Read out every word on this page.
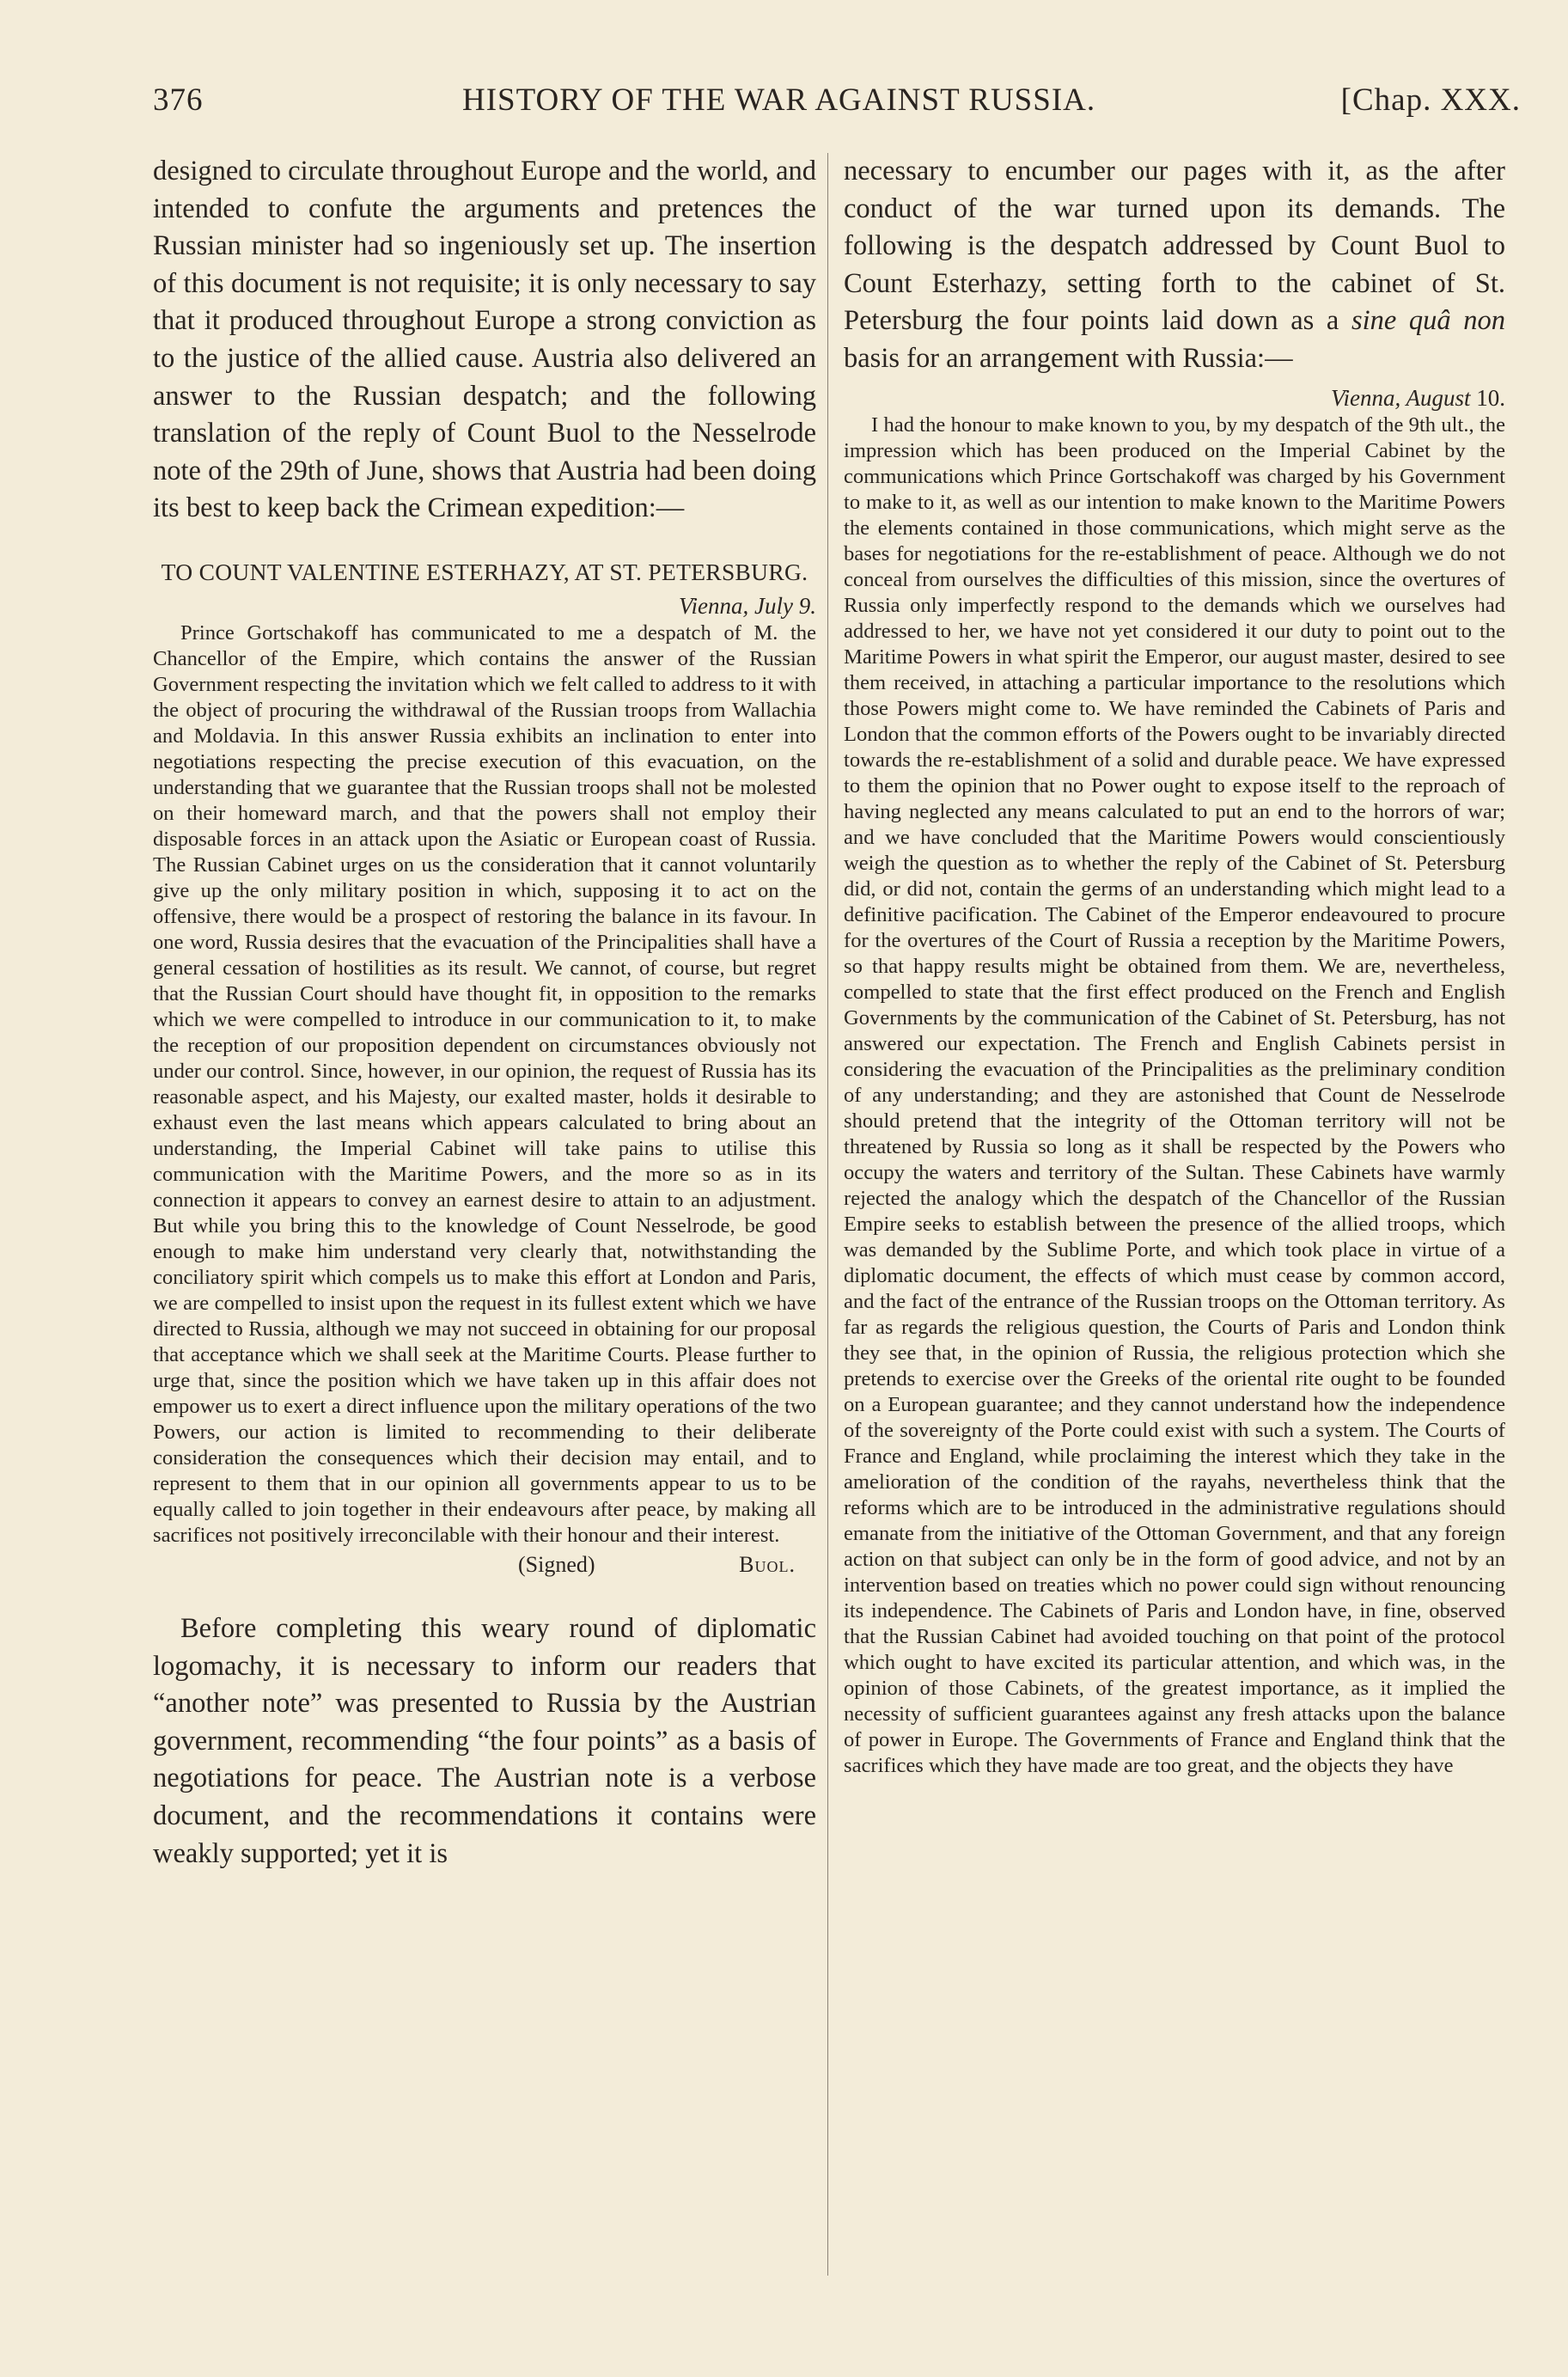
376	HISTORY OF THE WAR AGAINST RUSSIA.	[Chap. XXX.

designed to circulate throughout Europe and the world, and intended to confute the arguments and pretences the Russian minister had so ingeniously set up. The insertion of this document is not requisite; it is only necessary to say that it produced throughout Europe a strong conviction as to the justice of the allied cause. Austria also delivered an answer to the Russian despatch; and the following translation of the reply of Count Buol to the Nesselrode note of the 29th of June, shows that Austria had been doing its best to keep back the Crimean expedition:—

TO COUNT VALENTINE ESTERHAZY, AT ST. PETERSBURG.
Vienna, July 9.

Prince Gortschakoff has communicated to me a despatch of M. the Chancellor of the Empire, which contains the answer of the Russian Government respecting the invitation which we felt called to address to it with the object of procuring the withdrawal of the Russian troops from Wallachia and Moldavia. In this answer Russia exhibits an inclination to enter into negotiations respecting the precise execution of this evacuation, on the understanding that we guarantee that the Russian troops shall not be molested on their homeward march, and that the powers shall not employ their disposable forces in an attack upon the Asiatic or European coast of Russia. The Russian Cabinet urges on us the consideration that it cannot voluntarily give up the only military position in which, supposing it to act on the offensive, there would be a prospect of restoring the balance in its favour. In one word, Russia desires that the evacuation of the Principalities shall have a general cessation of hostilities as its result. We cannot, of course, but regret that the Russian Court should have thought fit, in opposition to the remarks which we were compelled to introduce in our communication to it, to make the reception of our proposition dependent on circumstances obviously not under our control. Since, however, in our opinion, the request of Russia has its reasonable aspect, and his Majesty, our exalted master, holds it desirable to exhaust even the last means which appears calculated to bring about an understanding, the Imperial Cabinet will take pains to utilise this communication with the Maritime Powers, and the more so as in its connection it appears to convey an earnest desire to attain to an adjustment. But while you bring this to the knowledge of Count Nesselrode, be good enough to make him understand very clearly that, notwithstanding the conciliatory spirit which compels us to make this effort at London and Paris, we are compelled to insist upon the request in its fullest extent which we have directed to Russia, although we may not succeed in obtaining for our proposal that acceptance which we shall seek at the Maritime Courts. Please further to urge that, since the position which we have taken up in this affair does not empower us to exert a direct influence upon the military operations of the two Powers, our action is limited to recommending to their deliberate consideration the consequences which their decision may entail, and to represent to them that in our opinion all governments appear to us to be equally called to join together in their endeavours after peace, by making all sacrifices not positively irreconcilable with their honour and their interest.

(Signed)	Buol.

Before completing this weary round of diplomatic logomachy, it is necessary to inform our readers that “another note” was presented to Russia by the Austrian government, recommending “the four points” as a basis of negotiations for peace. The Austrian note is a verbose document, and the recommendations it contains were weakly supported; yet it is

necessary to encumber our pages with it, as the after conduct of the war turned upon its demands. The following is the despatch addressed by Count Buol to Count Esterhazy, setting forth to the cabinet of St. Petersburg the four points laid down as a sine quâ non basis for an arrangement with Russia:—

Vienna, August 10.

I had the honour to make known to you, by my despatch of the 9th ult., the impression which has been produced on the Imperial Cabinet by the communications which Prince Gortschakoff was charged by his Government to make to it, as well as our intention to make known to the Maritime Powers the elements contained in those communications, which might serve as the bases for negotiations for the re-establishment of peace. Although we do not conceal from ourselves the difficulties of this mission, since the overtures of Russia only imperfectly respond to the demands which we ourselves had addressed to her, we have not yet considered it our duty to point out to the Maritime Powers in what spirit the Emperor, our august master, desired to see them received, in attaching a particular importance to the resolutions which those Powers might come to. We have reminded the Cabinets of Paris and London that the common efforts of the Powers ought to be invariably directed towards the re-establishment of a solid and durable peace. We have expressed to them the opinion that no Power ought to expose itself to the reproach of having neglected any means calculated to put an end to the horrors of war; and we have concluded that the Maritime Powers would conscientiously weigh the question as to whether the reply of the Cabinet of St. Petersburg did, or did not, contain the germs of an understanding which might lead to a definitive pacification. The Cabinet of the Emperor endeavoured to procure for the overtures of the Court of Russia a reception by the Maritime Powers, so that happy results might be obtained from them. We are, nevertheless, compelled to state that the first effect produced on the French and English Governments by the communication of the Cabinet of St. Petersburg, has not answered our expectation. The French and English Cabinets persist in considering the evacuation of the Principalities as the preliminary condition of any understanding; and they are astonished that Count de Nesselrode should pretend that the integrity of the Ottoman territory will not be threatened by Russia so long as it shall be respected by the Powers who occupy the waters and territory of the Sultan. These Cabinets have warmly rejected the analogy which the despatch of the Chancellor of the Russian Empire seeks to establish between the presence of the allied troops, which was demanded by the Sublime Porte, and which took place in virtue of a diplomatic document, the effects of which must cease by common accord, and the fact of the entrance of the Russian troops on the Ottoman territory. As far as regards the religious question, the Courts of Paris and London think they see that, in the opinion of Russia, the religious protection which she pretends to exercise over the Greeks of the oriental rite ought to be founded on a European guarantee; and they cannot understand how the independence of the sovereignty of the Porte could exist with such a system. The Courts of France and England, while proclaiming the interest which they take in the amelioration of the condition of the rayahs, nevertheless think that the reforms which are to be introduced in the administrative regulations should emanate from the initiative of the Ottoman Government, and that any foreign action on that subject can only be in the form of good advice, and not by an intervention based on treaties which no power could sign without renouncing its independence. The Cabinets of Paris and London have, in fine, observed that the Russian Cabinet had avoided touching on that point of the protocol which ought to have excited its particular attention, and which was, in the opinion of those Cabinets, of the greatest importance, as it implied the necessity of sufficient guarantees against any fresh attacks upon the balance of power in Europe. The Governments of France and England think that the sacrifices which they have made are too great, and the objects they have
